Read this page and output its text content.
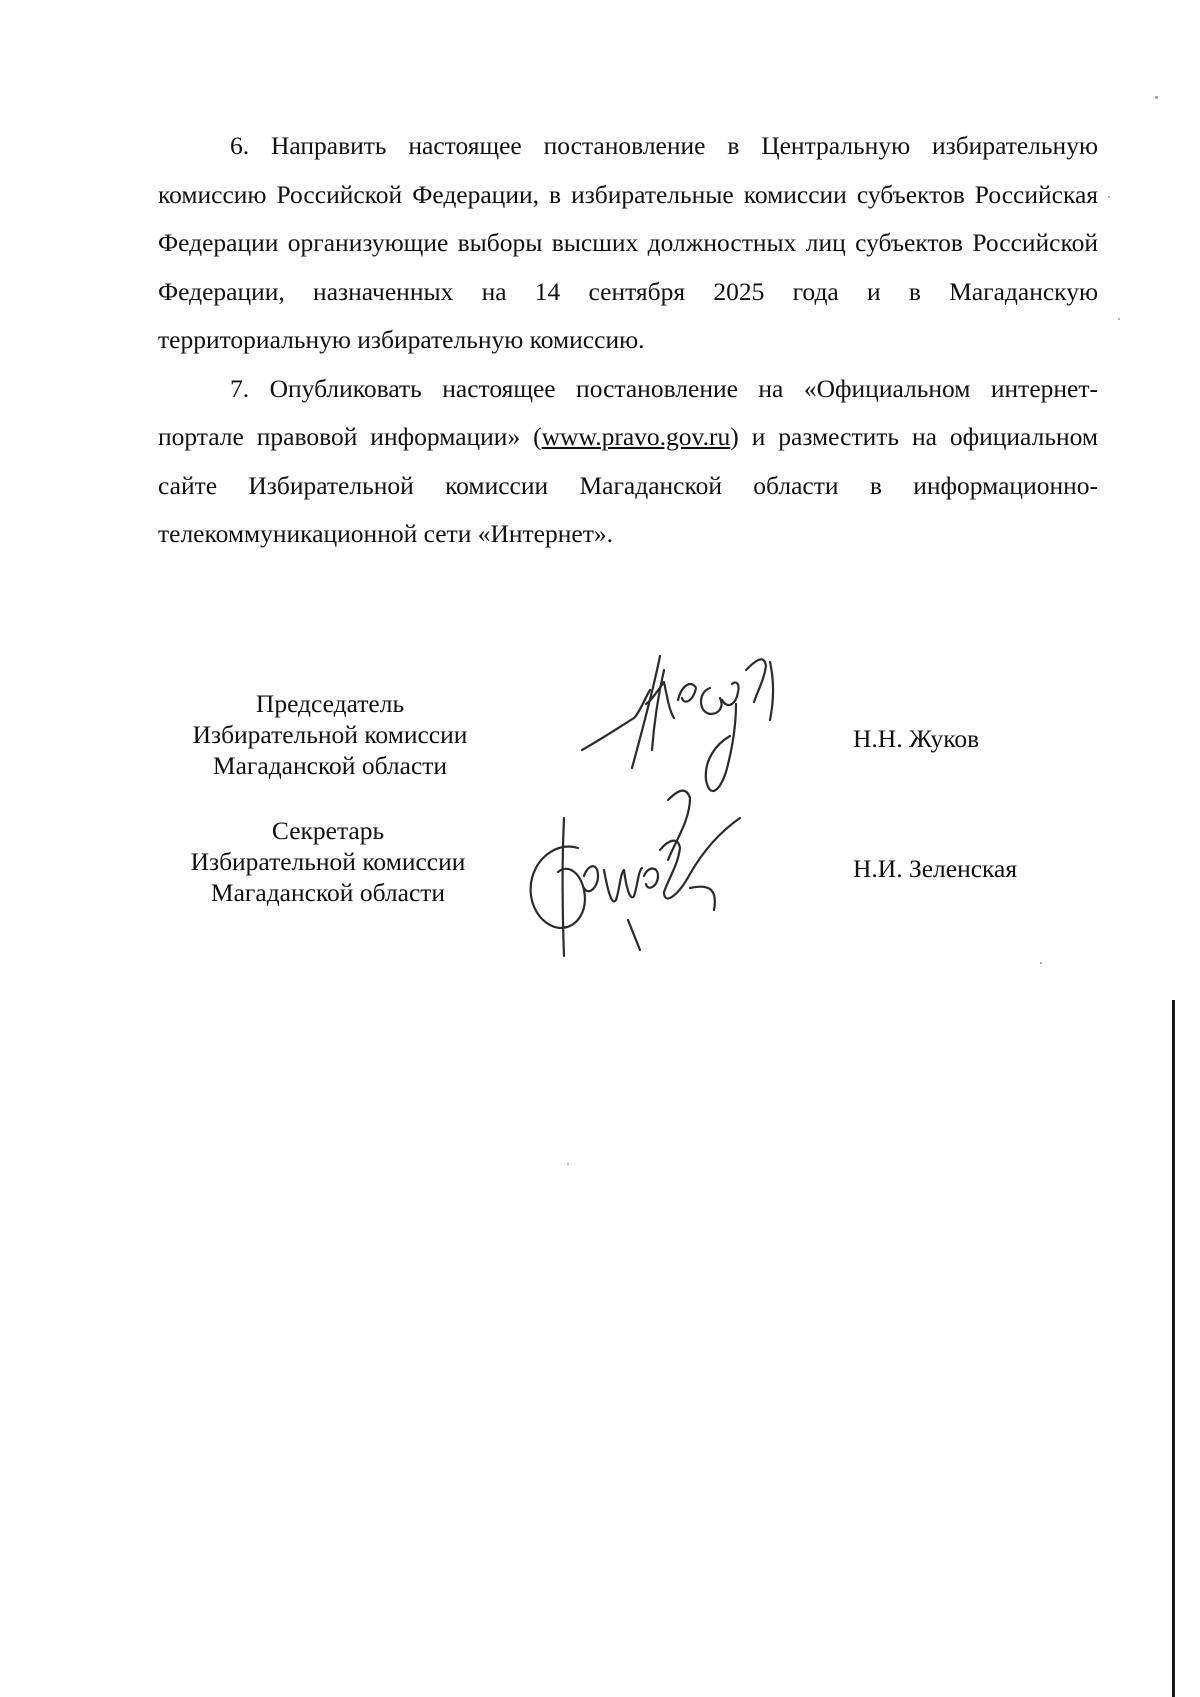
6. Направить настоящее постановление в Центральную избирательную комиссию Российской Федерации, в избирательные комиссии субъектов Российская Федерации организующие выборы высших должностных лиц субъектов Российской Федерации, назначенных на 14 сентября 2025 года и в Магаданскую территориальную избирательную комиссию.

7. Опубликовать настоящее постановление на «Официальном интернет-портале правовой информации» (www.pravo.gov.ru) и разместить на официальном сайте Избирательной комиссии Магаданской области в информационно-телекоммуникационной сети «Интернет».

Председатель
Избирательной комиссии
Магаданской области
Н.Н. Жуков
Секретарь
Избирательной комиссии
Магаданской области
Н.И. Зеленская
